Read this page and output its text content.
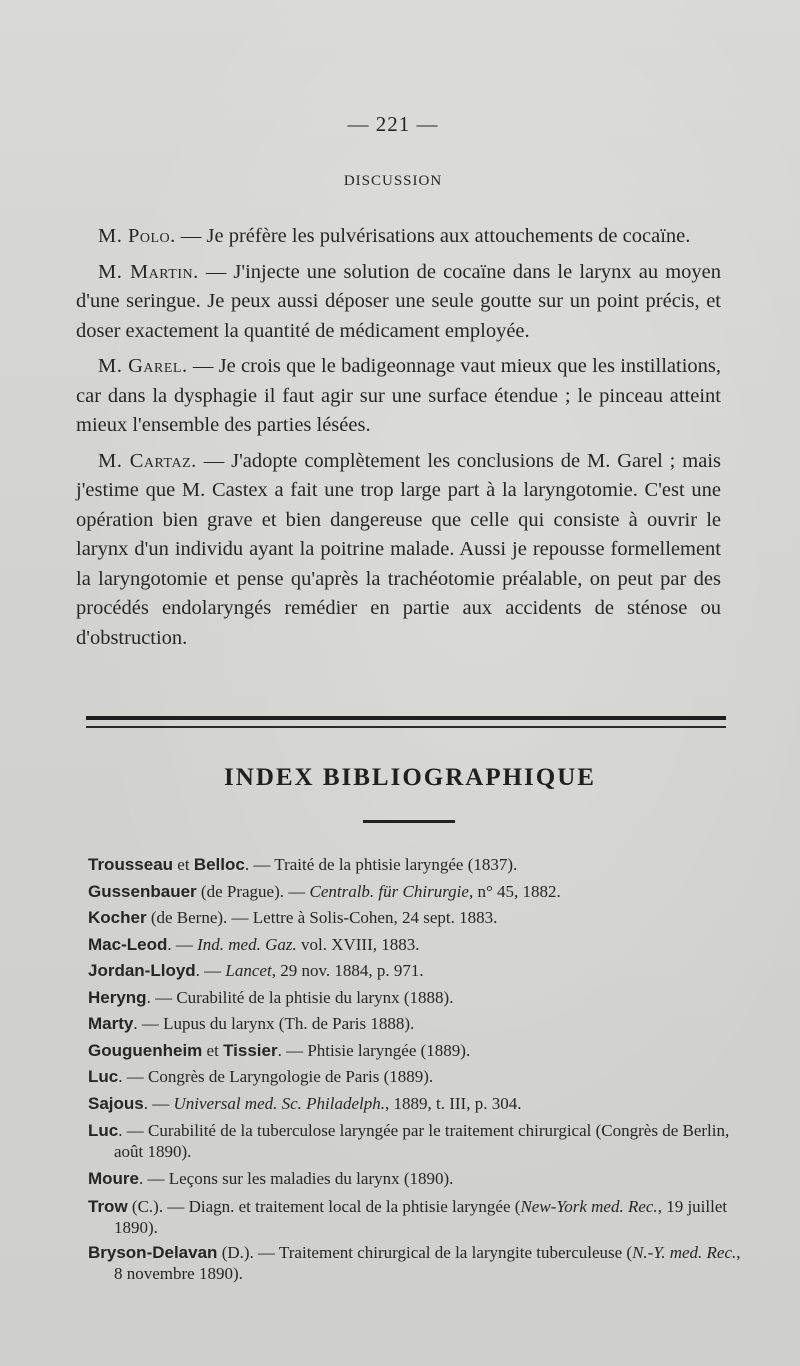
— 221 —
DISCUSSION

M. Polo. — Je préfère les pulvérisations aux attouchements de cocaïne.

M. Martin. — J'injecte une solution de cocaïne dans le larynx au moyen d'une seringue. Je peux aussi déposer une seule goutte sur un point précis, et doser exactement la quantité de médicament employée.

M. Garel. — Je crois que le badigeonnage vaut mieux que les instillations, car dans la dysphagie il faut agir sur une surface étendue ; le pinceau atteint mieux l'ensemble des parties lésées.

M. Cartaz. — J'adopte complètement les conclusions de M. Garel ; mais j'estime que M. Castex a fait une trop large part à la laryngotomie. C'est une opération bien grave et bien dangereuse que celle qui consiste à ouvrir le larynx d'un individu ayant la poitrine malade. Aussi je repousse formellement la laryngotomie et pense qu'après la trachéotomie préalable, on peut par des procédés endolaryngés remédier en partie aux accidents de sténose ou d'obstruction.

INDEX BIBLIOGRAPHIQUE

Trousseau et Belloc. — Traité de la phtisie laryngée (1837).

Gussenbauer (de Prague). — Centralb. für Chirurgie, n° 45, 1882.

Kocher (de Berne). — Lettre à Solis-Cohen, 24 sept. 1883.

Mac-Leod. — Ind. med. Gaz. vol. XVIII, 1883.

Jordan-Lloyd. — Lancet, 29 nov. 1884, p. 971.

Heryng. — Curabilité de la phtisie du larynx (1888).

Marty. — Lupus du larynx (Th. de Paris 1888).

Gouguenheim et Tissier. — Phtisie laryngée (1889).

Luc. — Congrès de Laryngologie de Paris (1889).

Sajous. — Universal med. Sc. Philadelph., 1889, t. III, p. 304.

Luc. — Curabilité de la tuberculose laryngée par le traitement chirurgical (Congrès de Berlin, août 1890).

Moure. — Leçons sur les maladies du larynx (1890).

Trow (C.). — Diagn. et traitement local de la phtisie laryngée (New-York med. Rec., 19 juillet 1890).

Bryson-Delavan (D.). — Traitement chirurgical de la laryngite tuberculeuse (N.-Y. med. Rec., 8 novembre 1890).
